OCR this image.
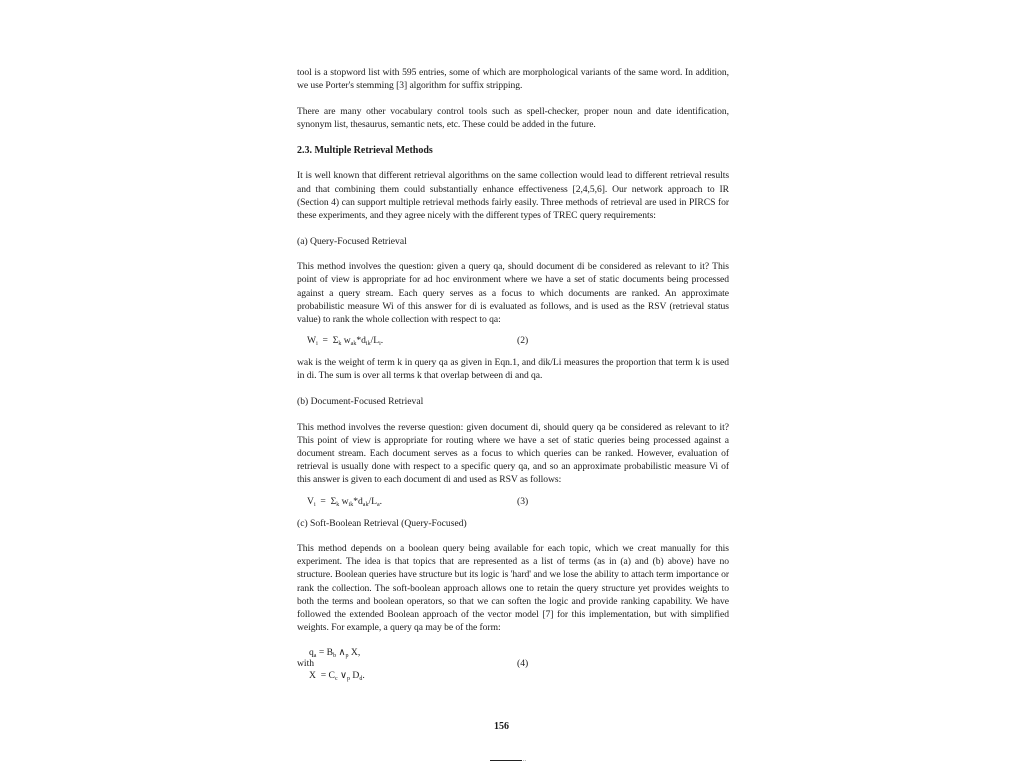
tool is a stopword list with 595 entries, some of which are morphological variants of the same word. In addition, we use Porter's stemming [3] algorithm for suffix stripping.

There are many other vocabulary control tools such as spell-checker, proper noun and date identification, synonym list, thesaurus, semantic nets, etc. These could be added in the future.

2.3. Multiple Retrieval Methods

It is well known that different retrieval algorithms on the same collection would lead to different retrieval results and that combining them could substantially enhance effectiveness [2,4,5,6]. Our network approach to IR (Section 4) can support multiple retrieval methods fairly easily. Three methods of retrieval are used in PIRCS for these experiments, and they agree nicely with the different types of TREC query requirements:

(a) Query-Focused Retrieval

This method involves the question: given a query qa, should document di be considered as relevant to it? This point of view is appropriate for ad hoc environment where we have a set of static documents being processed against a query stream. Each query serves as a focus to which documents are ranked. An approximate probabilistic measure Wi of this answer for di is evaluated as follows, and is used as the RSV (retrieval status value) to rank the whole collection with respect to qa:

$W_i = \Sigma_k$ $w_{ak}*d_{ik}/L_i$.	(2)

wak is the weight of term k in query qa as given in Eqn.1, and dik/Li measures the proportion that term k is used in di. The sum is over all terms k that overlap between di and qa.

(b) Document-Focused Retrieval

This method involves the reverse question: given document di, should query qa be considered as relevant to it? This point of view is appropriate for routing where we have a set of static queries being processed against a document stream. Each document serves as a focus to which queries can be ranked. However, evaluation of retrieval is usually done with respect to a specific query qa, and so an approximate probabilistic measure Vi of this answer is given to each document di and used as RSV as follows:

$V_i = \Sigma_k$ $w_{ik}*d_{ak}/L_a$.	(3)

(c) Soft-Boolean Retrieval (Query-Focused)

This method depends on a boolean query being available for each topic, which we creat manually for this experiment. The idea is that topics that are represented as a list of terms (as in (a) and (b) above) have no structure. Boolean queries have structure but its logic is 'hard' and we lose the ability to attach term importance or rank the collection. The soft-boolean approach allows one to retain the query structure yet provides weights to both the terms and boolean operators, so that we can soften the logic and provide ranking capability. We have followed the extended Boolean approach of the vector model [7] for this implementation, but with simplified weights. For example, a query qa may be of the form:

$q_a = B_b$ $\wedge_p$ X,
with
$X = C_c$ $\vee_p$ $D_d$.
(4)
156
..
